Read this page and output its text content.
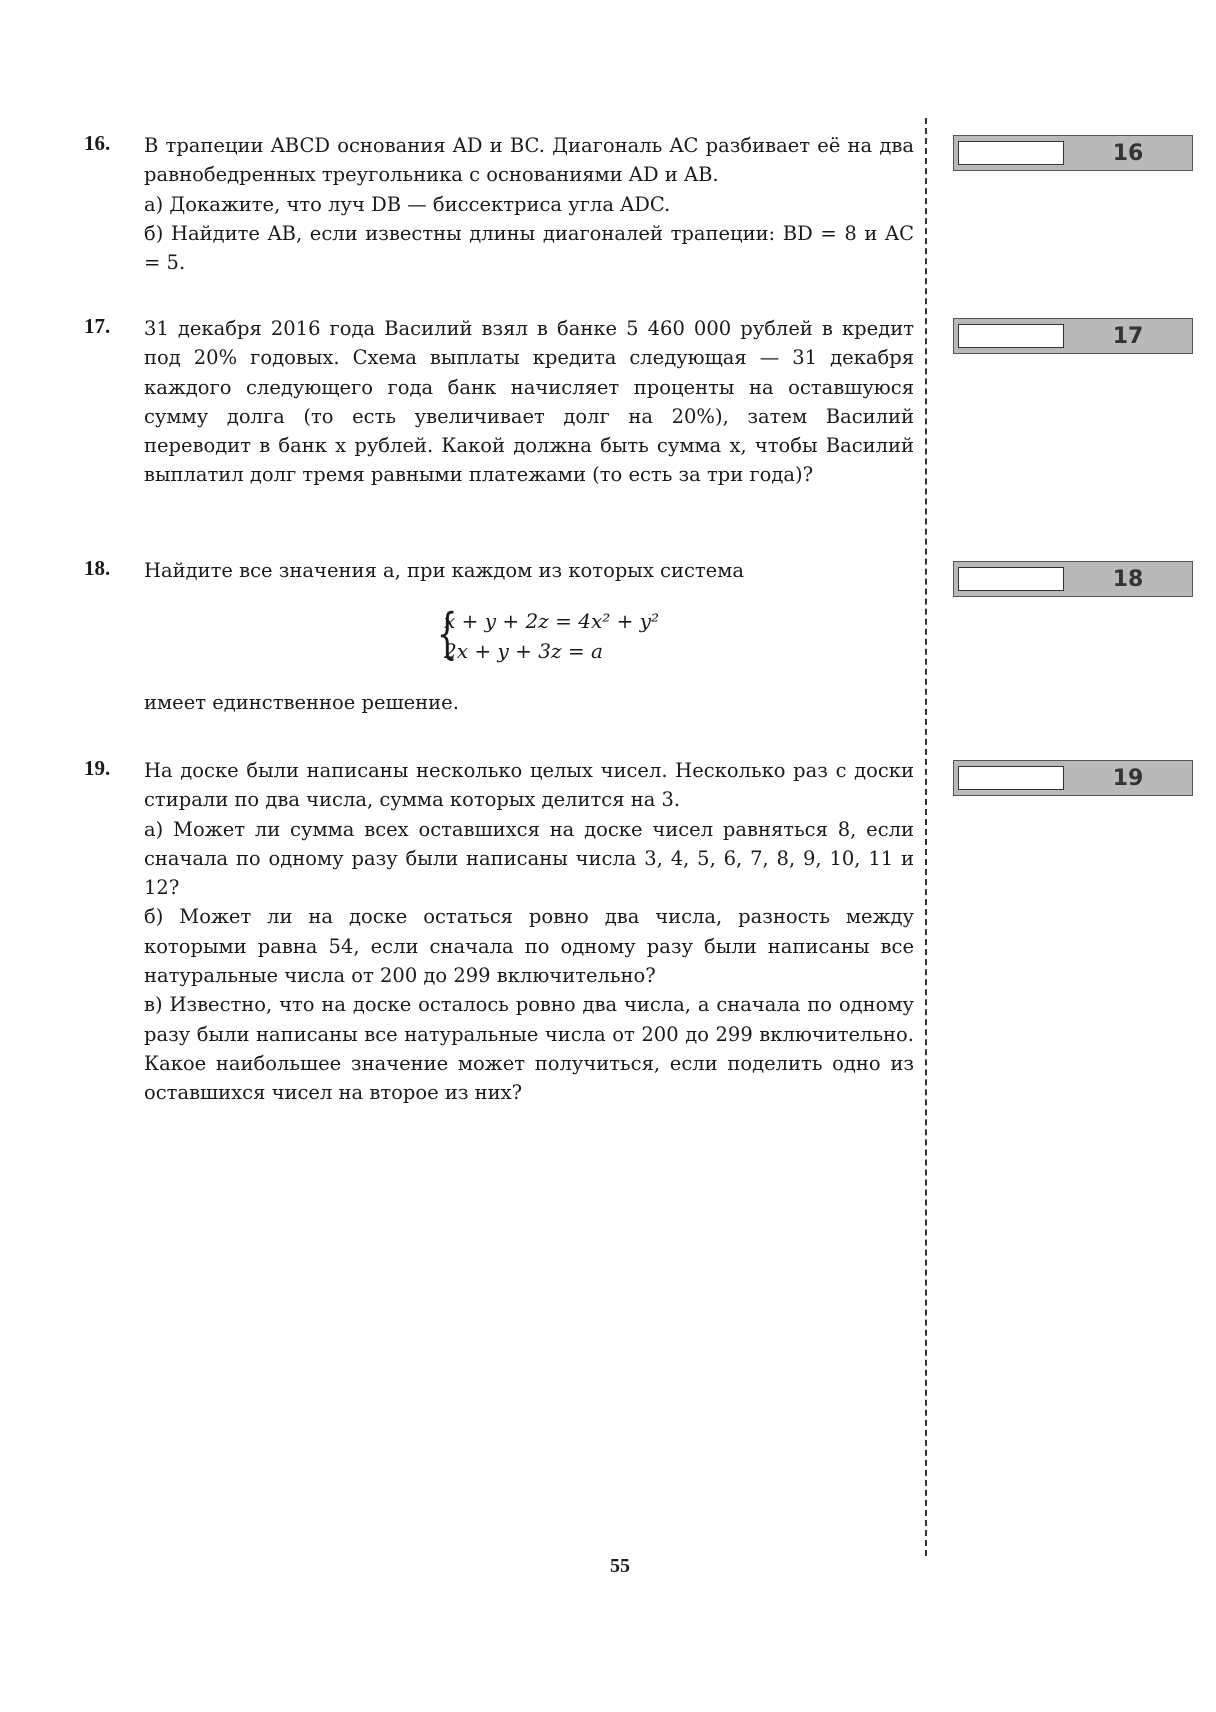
16. В трапеции ABCD основания AD и BC. Диагональ AC разбивает её на два равнобедренных треугольника с основаниями AD и AB.

а) Докажите, что луч DB — биссектриса угла ADC.

б) Найдите AB, если известны длины диагоналей трапеции: BD = 8 и AC = 5.

16
17. 31 декабря 2016 года Василий взял в банке 5 460 000 рублей в кредит под 20% годовых. Схема выплаты кредита следующая — 31 декабря каждого следующего года банк начисляет проценты на оставшуюся сумму долга (то есть увеличивает долг на 20%), затем Василий переводит в банк x рублей. Какой должна быть сумма x, чтобы Василий выплатил долг тремя равными платежами (то есть за три года)?

17
18. Найдите все значения a, при каждом из которых система

{
x + y + 2z = 4x² + y²
2x + y + 3z = a

имеет единственное решение.

18
19. На доске были написаны несколько целых чисел. Несколько раз с доски стирали по два числа, сумма которых делится на 3.

а) Может ли сумма всех оставшихся на доске чисел равняться 8, если сначала по одному разу были написаны числа 3, 4, 5, 6, 7, 8, 9, 10, 11 и 12?

б) Может ли на доске остаться ровно два числа, разность между которыми равна 54, если сначала по одному разу были написаны все натуральные числа от 200 до 299 включительно?

в) Известно, что на доске осталось ровно два числа, а сначала по одному разу были написаны все натуральные числа от 200 до 299 включительно. Какое наибольшее значение может получиться, если поделить одно из оставшихся чисел на второе из них?

19
55
